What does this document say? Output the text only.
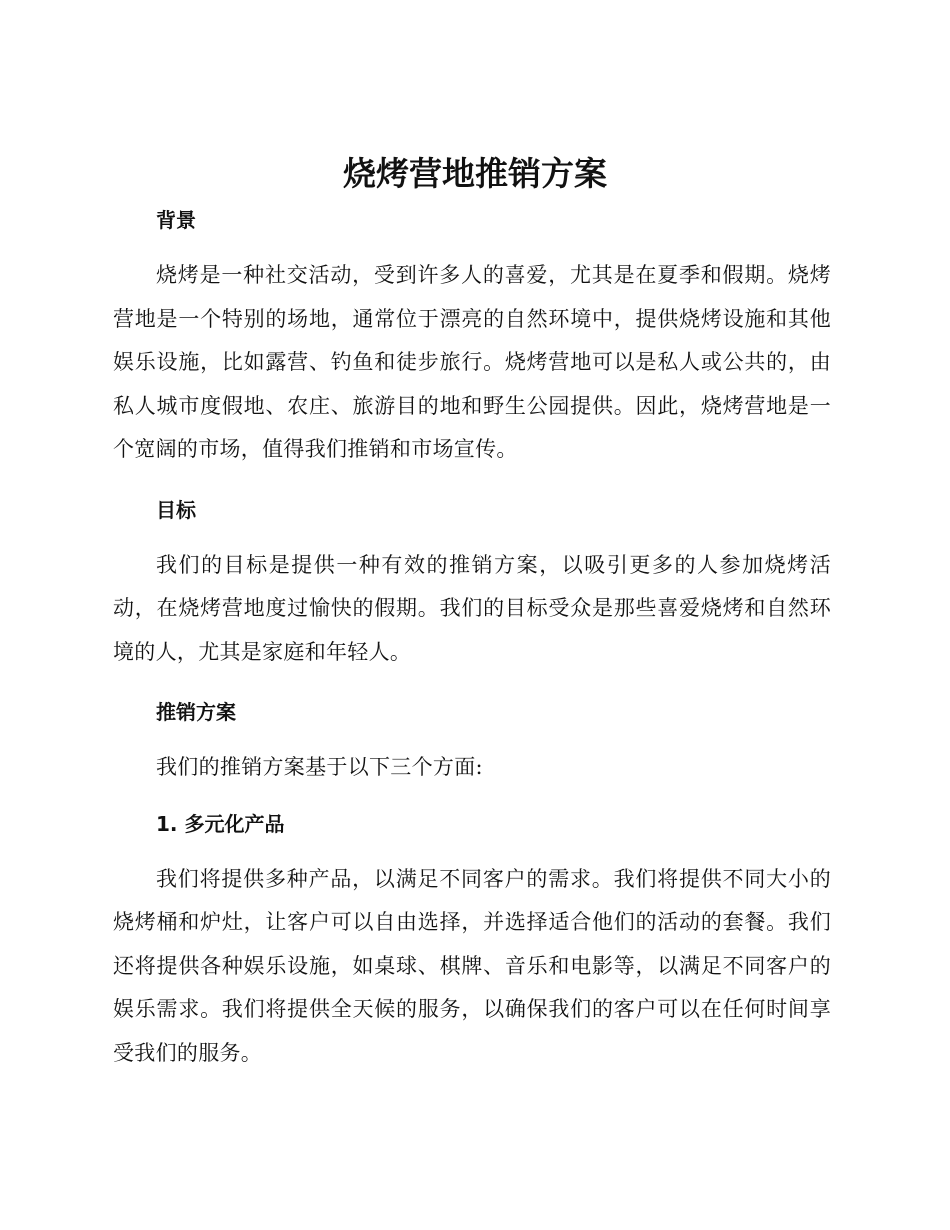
烧烤营地推销方案
背景

烧烤是一种社交活动，受到许多人的喜爱，尤其是在夏季和假期。烧烤营地是一个特别的场地，通常位于漂亮的自然环境中，提供烧烤设施和其他娱乐设施，比如露营、钓鱼和徒步旅行。烧烤营地可以是私人或公共的，由私人城市度假地、农庄、旅游目的地和野生公园提供。因此，烧烤营地是一个宽阔的市场，值得我们推销和市场宣传。

目标

我们的目标是提供一种有效的推销方案，以吸引更多的人参加烧烤活动，在烧烤营地度过愉快的假期。我们的目标受众是那些喜爱烧烤和自然环境的人，尤其是家庭和年轻人。

推销方案

我们的推销方案基于以下三个方面:

1. 多元化产品

我们将提供多种产品，以满足不同客户的需求。我们将提供不同大小的烧烤桶和炉灶，让客户可以自由选择，并选择适合他们的活动的套餐。我们还将提供各种娱乐设施，如桌球、棋牌、音乐和电影等，以满足不同客户的娱乐需求。我们将提供全天候的服务，以确保我们的客户可以在任何时间享受我们的服务。
